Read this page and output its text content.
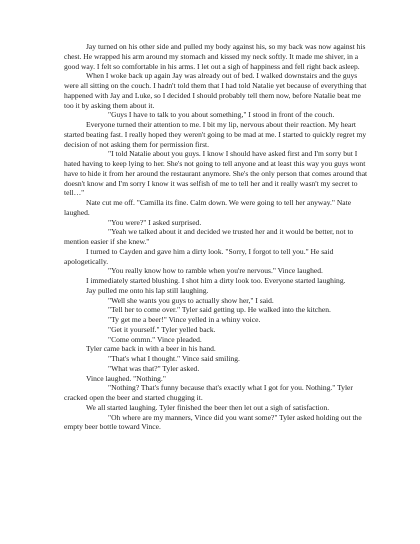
Jay turned on his other side and pulled my body against his, so my back was now against his chest. He wrapped his arm around my stomach and kissed my neck softly. It made me shiver, in a good way. I felt so comfortable in his arms. I let out a sigh of happiness and fell right back asleep.

When I woke back up again Jay was already out of bed. I walked downstairs and the guys were all sitting on the couch. I hadn't told them that I had told Natalie yet because of everything that happened with Jay and Luke, so I decided I should probably tell them now, before Natalie beat me too it by asking them about it.

"Guys I have to talk to you about something," I stood in front of the couch.

Everyone turned their attention to me. I bit my lip, nervous about their reaction. My heart started beating fast. I really hoped they weren't going to be mad at me. I started to quickly regret my decision of not asking them for permission first.

"I told Natalie about you guys. I know I should have asked first and I'm sorry but I hated having to keep lying to her. She's not going to tell anyone and at least this way you guys wont have to hide it from her around the restaurant anymore. She's the only person that comes around that doesn't know and I'm sorry I know it was selfish of me to tell her and it really wasn't my secret to tell…"

Nate cut me off. "Camilla its fine. Calm down. We were going to tell her anyway." Nate laughed.

"You were?" I asked surprised.

"Yeah we talked about it and decided we trusted her and it would be better, not to mention easier if she knew."

I turned to Cayden and gave him a dirty look. "Sorry, I forgot to tell you." He said apologetically.

"You really know how to ramble when you're nervous." Vince laughed.

I immediately started blushing. I shot him a dirty look too. Everyone started laughing.

Jay pulled me onto his lap still laughing.

"Well she wants you guys to actually show her," I said.

"Tell her to come over." Tyler said getting up. He walked into the kitchen.

"Ty get me a beer!" Vince yelled in a whiny voice.

"Get it yourself." Tyler yelled back.

"Come ommn." Vince pleaded.

Tyler came back in with a beer in his hand.

"That's what I thought." Vince said smiling.

"What was that?" Tyler asked.

Vince laughed. "Nothing."

"Nothing? That's funny because that's exactly what I got for you. Nothing." Tyler cracked open the beer and started chugging it.

We all started laughing. Tyler finished the beer then let out a sigh of satisfaction.

"Oh where are my manners, Vince did you want some?" Tyler asked holding out the empty beer bottle toward Vince.
